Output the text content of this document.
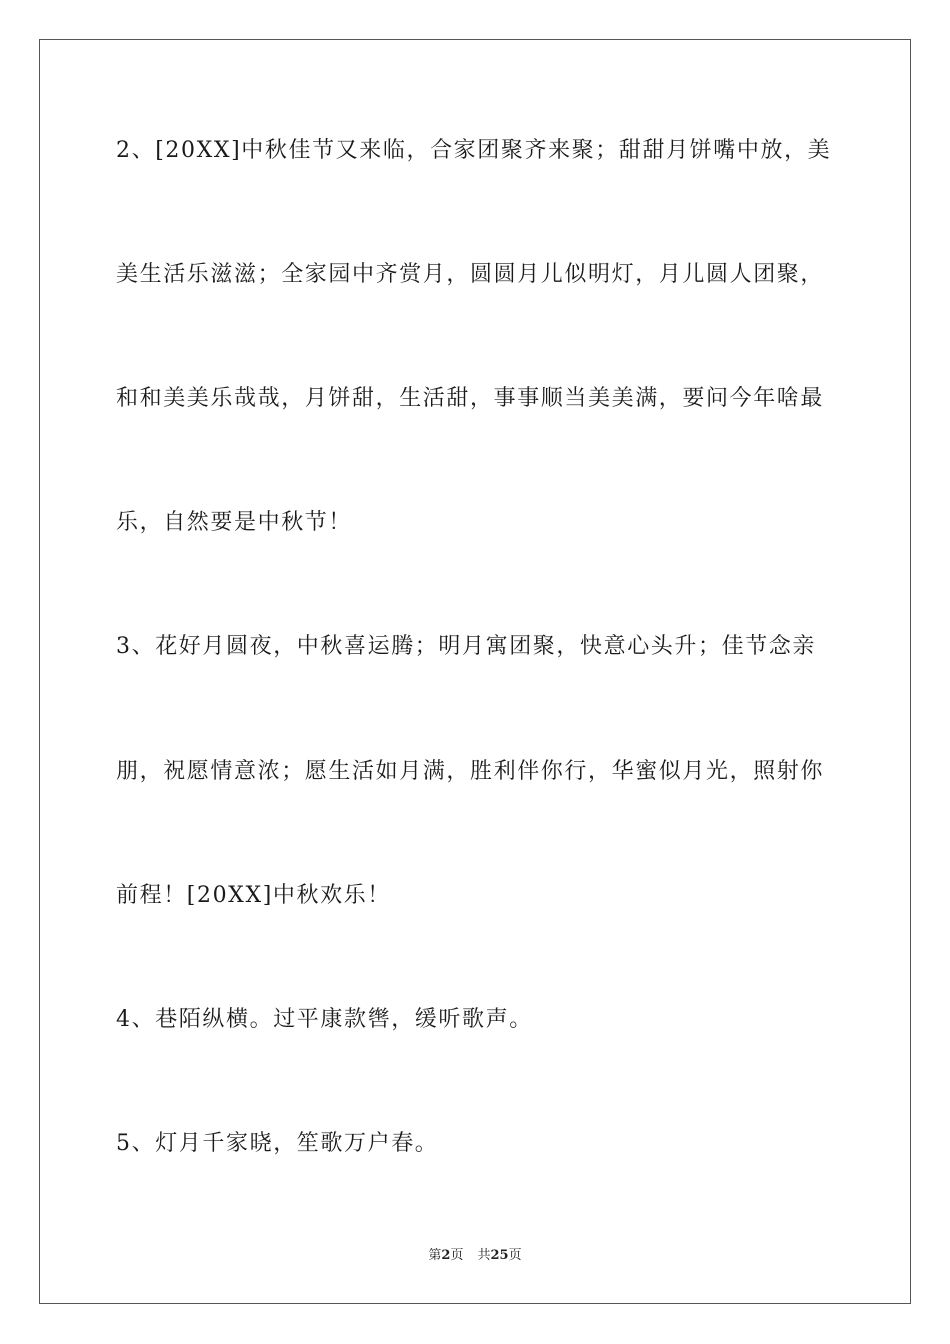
2、[20XX]中秋佳节又来临，合家团聚齐来聚；甜甜月饼嘴中放，美
美生活乐滋滋；全家园中齐赏月，圆圆月儿似明灯，月儿圆人团聚，
和和美美乐哉哉，月饼甜，生活甜，事事顺当美美满，要问今年啥最
乐，自然要是中秋节！
3、花好月圆夜，中秋喜运腾；明月寓团聚，快意心头升；佳节念亲
朋，祝愿情意浓；愿生活如月满，胜利伴你行，华蜜似月光，照射你
前程！[20XX]中秋欢乐！
4、巷陌纵横。过平康款辔，缓听歌声。
5、灯月千家晓，笙歌万户春。
第2页 共25页
